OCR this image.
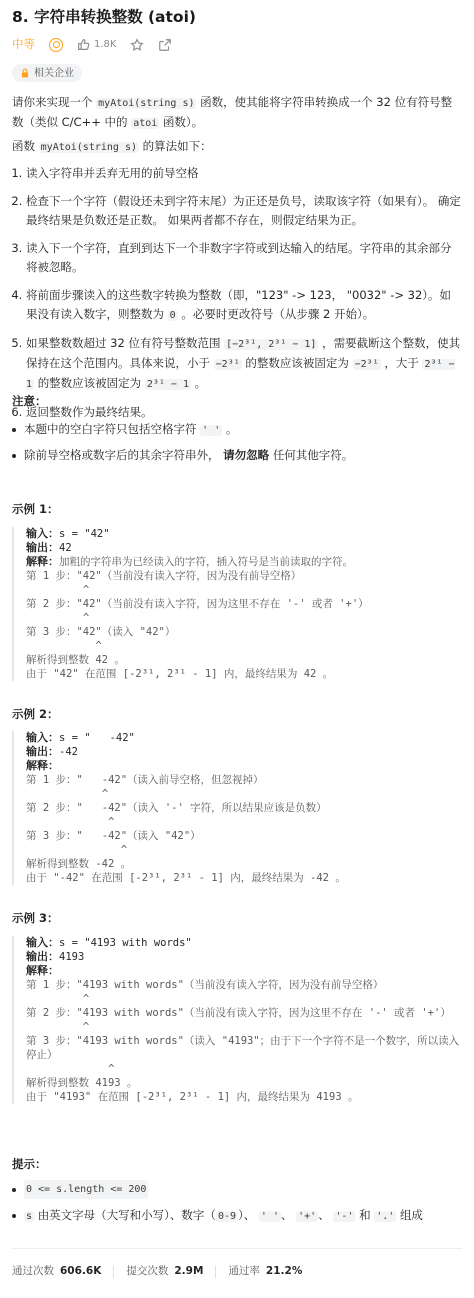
8. 字符串转换整数 (atoi)
中等	1.8K
相关企业
请你来实现一个 myAtoi(string s) 函数，使其能将字符串转换成一个 32 位有符号整数（类似 C/C++ 中的 atoi 函数）。
函数 myAtoi(string s) 的算法如下：
1. 读入字符串并丢弃无用的前导空格
2. 检查下一个字符（假设还未到字符末尾）为正还是负号，读取该字符（如果有）。 确定最终结果是负数还是正数。 如果两者都不存在，则假定结果为正。
3. 读入下一个字符，直到到达下一个非数字字符或到达输入的结尾。字符串的其余部分将被忽略。
4. 将前面步骤读入的这些数字转换为整数（即，"123" -> 123， "0032" -> 32）。如果没有读入数字，则整数为 0 。必要时更改符号（从步骤 2 开始）。
5. 如果整数数超过 32 位有符号整数范围 [−2³¹, 2³¹ − 1] ，需要截断这个整数，使其保持在这个范围内。具体来说，小于 −2³¹ 的整数应该被固定为 −2³¹ ，大于 2³¹ − 1 的整数应该被固定为 2³¹ − 1 。
6. 返回整数作为最终结果。
注意：
本题中的空白字符只包括空格字符 ' ' 。
除前导空格或数字后的其余字符串外， 请勿忽略 任何其他字符。
示例 1：
输入：s = "42"
输出：42
解释：加粗的字符串为已经读入的字符，插入符号是当前读取的字符。
第 1 步："42"（当前没有读入字符，因为没有前导空格）
^
第 2 步："42"（当前没有读入字符，因为这里不存在 '-' 或者 '+'）
^
第 3 步："42"（读入 "42"）
^
解析得到整数 42 。
由于 "42" 在范围 [-2³¹, 2³¹ - 1] 内，最终结果为 42 。
示例 2：
输入：s = "   -42"
输出：-42
解释：
第 1 步："   -42"（读入前导空格，但忽视掉）
^
第 2 步："   -42"（读入 '-' 字符，所以结果应该是负数）
^
第 3 步："   -42"（读入 "42"）
^
解析得到整数 -42 。
由于 "-42" 在范围 [-2³¹, 2³¹ - 1] 内，最终结果为 -42 。
示例 3：
输入：s = "4193 with words"
输出：4193
解释：
第 1 步："4193 with words"（当前没有读入字符，因为没有前导空格）
^
第 2 步："4193 with words"（当前没有读入字符，因为这里不存在 '-' 或者 '+'）
^
第 3 步："4193 with words"（读入 "4193"；由于下一个字符不是一个数字，所以读入停止）
^
解析得到整数 4193 。
由于 "4193" 在范围 [-2³¹, 2³¹ - 1] 内，最终结果为 4193 。
提示：
0 <= s.length <= 200
s 由英文字母（大写和小写）、数字（ 0-9 ）、 ' ' 、 '+' 、 '-' 和 '.' 组成
通过次数 606.6K 提交次数 2.9M 通过率 21.2%
